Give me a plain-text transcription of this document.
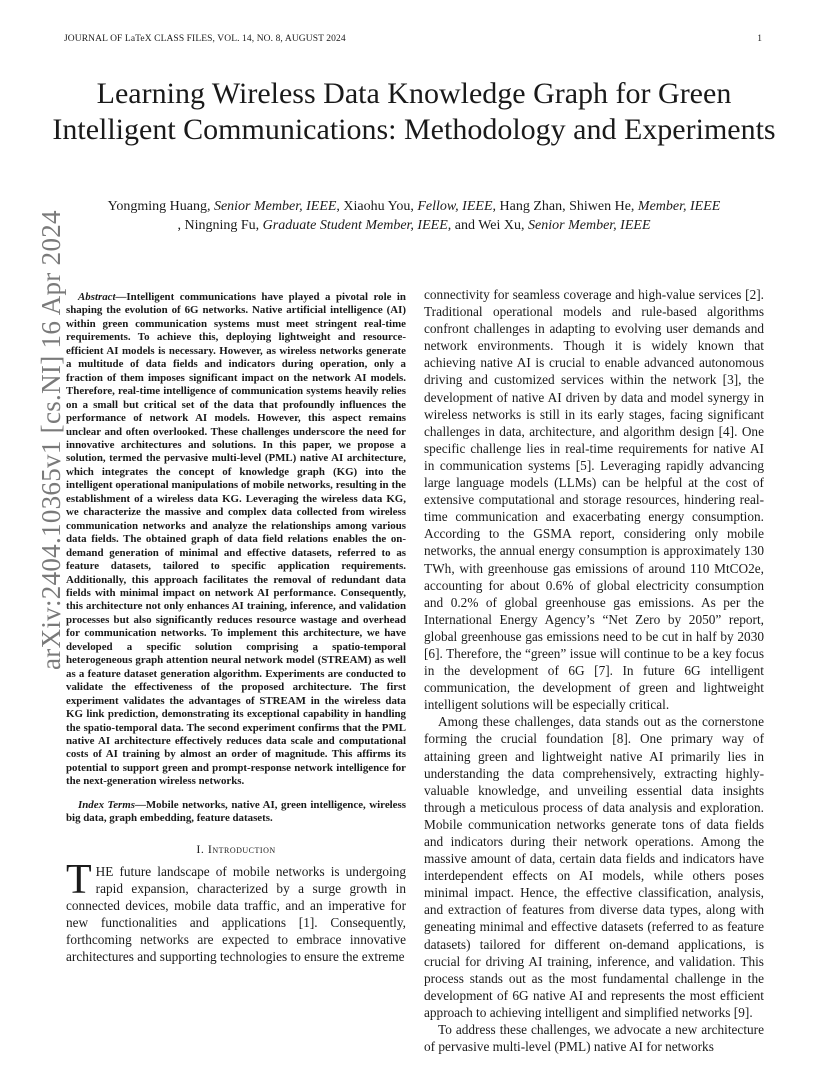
JOURNAL OF LaTeX CLASS FILES, VOL. 14, NO. 8, AUGUST 2024	1
Learning Wireless Data Knowledge Graph for Green Intelligent Communications: Methodology and Experiments
Yongming Huang, Senior Member, IEEE, Xiaohu You, Fellow, IEEE, Hang Zhan, Shiwen He, Member, IEEE
, Ningning Fu, Graduate Student Member, IEEE, and Wei Xu, Senior Member, IEEE
arXiv:2404.10365v1 [cs.NI] 16 Apr 2024	Abstract—Intelligent communications have played a pivotal role in shaping the evolution of 6G networks. Native artificial intelligence (AI) within green communication systems must meet stringent real-time requirements. To achieve this, deploying lightweight and resource-efficient AI models is necessary. However, as wireless networks generate a multitude of data fields and indicators during operation, only a fraction of them imposes significant impact on the network AI models. Therefore, real-time intelligence of communication systems heavily relies on a small but critical set of the data that profoundly influences the performance of network AI models. However, this aspect remains unclear and often overlooked. These challenges underscore the need for innovative architectures and solutions. In this paper, we propose a solution, termed the pervasive multi-level (PML) native AI architecture, which integrates the concept of knowledge graph (KG) into the intelligent operational manipulations of mobile networks, resulting in the establishment of a wireless data KG. Leveraging the wireless data KG, we characterize the massive and complex data collected from wireless communication networks and analyze the relationships among various data fields. The obtained graph of data field relations enables the on-demand generation of minimal and effective datasets, referred to as feature datasets, tailored to specific application requirements. Additionally, this approach facilitates the removal of redundant data fields with minimal impact on network AI performance. Consequently, this architecture not only enhances AI training, inference, and validation processes but also significantly reduces resource wastage and overhead for communication networks. To implement this architecture, we have developed a specific solution comprising a spatio-temporal heterogeneous graph attention neural network model (STREAM) as well as a feature dataset generation algorithm. Experiments are conducted to validate the effectiveness of the proposed architecture. The first experiment validates the advantages of STREAM in the wireless data KG link prediction, demonstrating its exceptional capability in handling the spatio-temporal data. The second experiment confirms that the PML native AI architecture effectively reduces data scale and computational costs of AI training by almost an order of magnitude. This affirms its potential to support green and prompt-response network intelligence for the next-generation wireless networks.

Index Terms—Mobile networks, native AI, green intelligence, wireless big data, graph embedding, feature datasets.

I. Introduction

THE future landscape of mobile networks is undergoing rapid expansion, characterized by a surge growth in connected devices, mobile data traffic, and an imperative for new functionalities and applications [1]. Consequently, forthcoming networks are expected to embrace innovative architectures and supporting technologies to ensure the extreme

connectivity for seamless coverage and high-value services [2]. Traditional operational models and rule-based algorithms confront challenges in adapting to evolving user demands and network environments. Though it is widely known that achieving native AI is crucial to enable advanced autonomous driving and customized services within the network [3], the development of native AI driven by data and model synergy in wireless networks is still in its early stages, facing significant challenges in data, architecture, and algorithm design [4]. One specific challenge lies in real-time requirements for native AI in communication systems [5]. Leveraging rapidly advancing large language models (LLMs) can be helpful at the cost of extensive computational and storage resources, hindering real-time communication and exacerbating energy consumption. According to the GSMA report, considering only mobile networks, the annual energy consumption is approximately 130 TWh, with greenhouse gas emissions of around 110 MtCO2e, accounting for about 0.6% of global electricity consumption and 0.2% of global greenhouse gas emissions. As per the International Energy Agency’s “Net Zero by 2050” report, global greenhouse gas emissions need to be cut in half by 2030 [6]. Therefore, the “green” issue will continue to be a key focus in the development of 6G [7]. In future 6G intelligent communication, the development of green and lightweight intelligent solutions will be especially critical.

Among these challenges, data stands out as the cornerstone forming the crucial foundation [8]. One primary way of attaining green and lightweight native AI primarily lies in understanding the data comprehensively, extracting highly-valuable knowledge, and unveiling essential data insights through a meticulous process of data analysis and exploration. Mobile communication networks generate tons of data fields and indicators during their network operations. Among the massive amount of data, certain data fields and indicators have interdependent effects on AI models, while others poses minimal impact. Hence, the effective classification, analysis, and extraction of features from diverse data types, along with geneating minimal and effective datasets (referred to as feature datasets) tailored for different on-demand applications, is crucial for driving AI training, inference, and validation. This process stands out as the most fundamental challenge in the development of 6G native AI and represents the most efficient approach to achieving intelligent and simplified networks [9].

To address these challenges, we advocate a new architecture of pervasive multi-level (PML) native AI for networks
